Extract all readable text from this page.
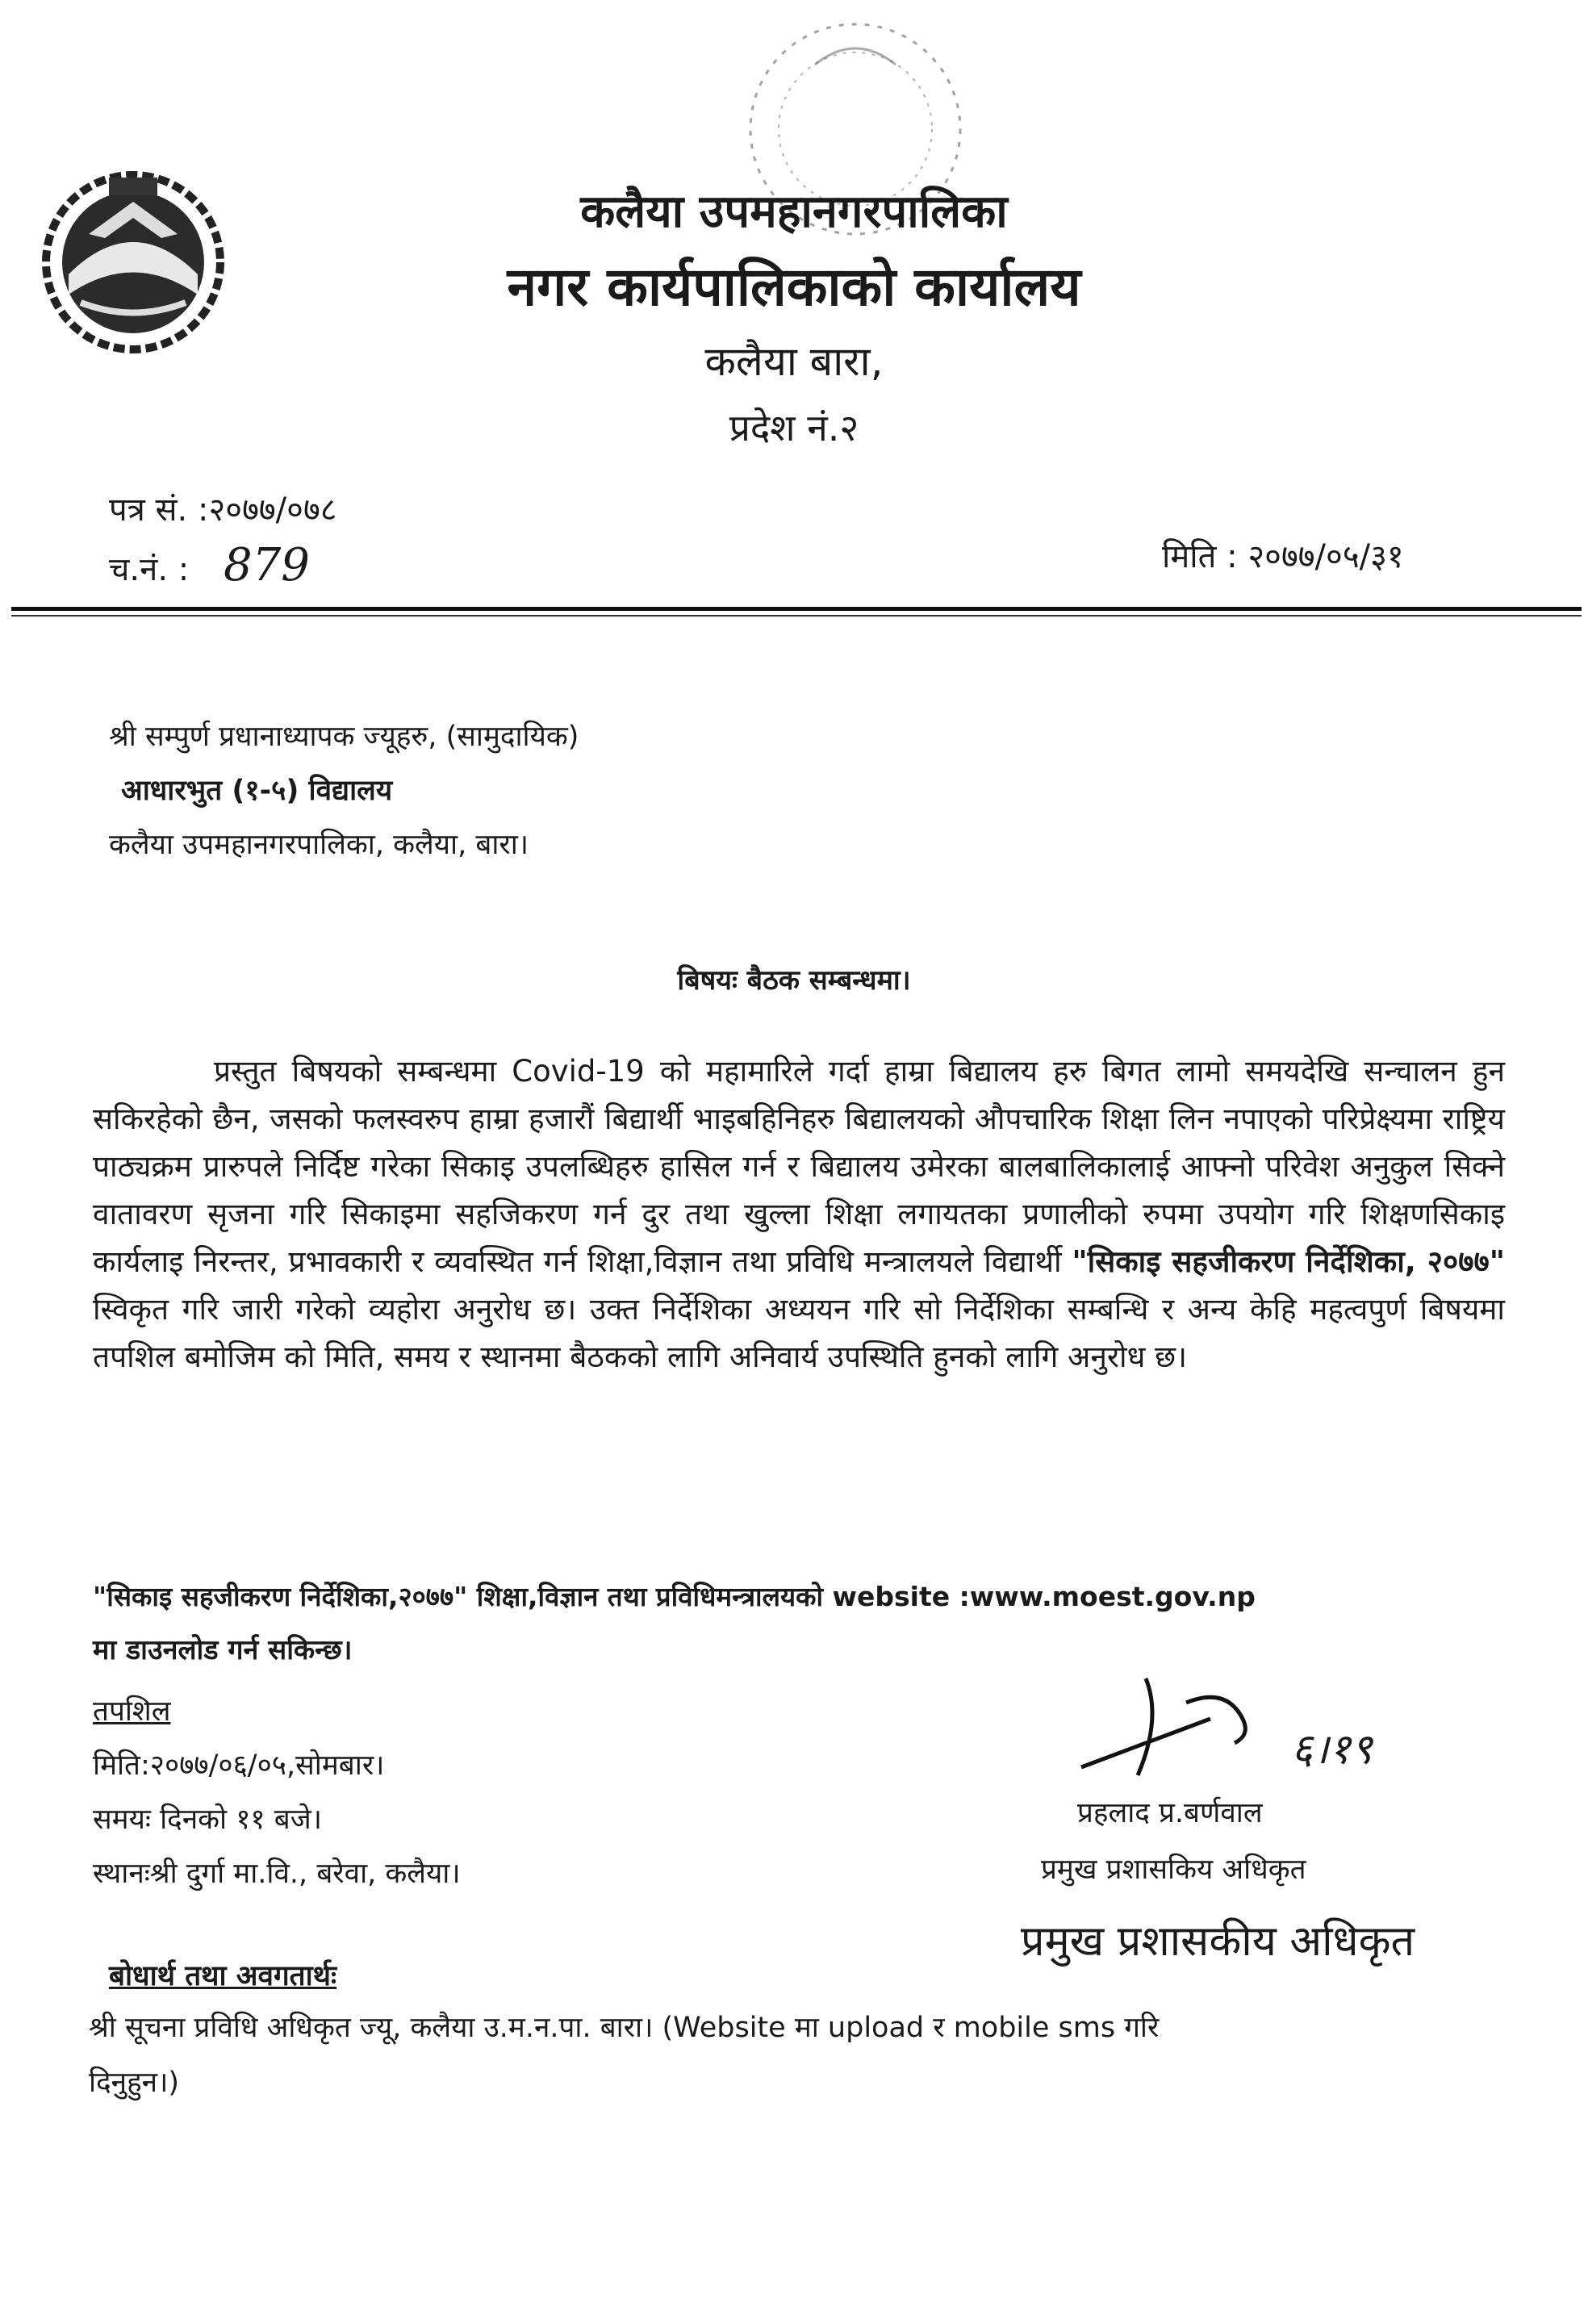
कलैया उपमहानगरपालिका
नगर कार्यपालिकाको कार्यालय
कलैया बारा,
प्रदेश नं.२
पत्र सं. :२०७७/०७८
च.नं. : 879	मिति : २०७७/०५/३१
श्री सम्पुर्ण प्रधानाध्यापक ज्यूहरु, (सामुदायिक)
आधारभुत (१-५) विद्यालय
कलैया उपमहानगरपालिका, कलैया, बारा।
बिषयः बैठक सम्बन्धमा।
प्रस्तुत बिषयको सम्बन्धमा Covid-19 को महामारिले गर्दा हाम्रा बिद्यालय हरु बिगत लामो समयदेखि सन्चालन हुन सकिरहेको छैन, जसको फलस्वरुप हाम्रा हजारौं बिद्यार्थी भाइबहिनिहरु बिद्यालयको औपचारिक शिक्षा लिन नपाएको परिप्रेक्ष्यमा राष्ट्रिय पाठ्यक्रम प्रारुपले निर्दिष्ट गरेका सिकाइ उपलब्धिहरु हासिल गर्न र बिद्यालय उमेरका बालबालिकालाई आफ्नो परिवेश अनुकुल सिक्ने वातावरण सृजना गरि सिकाइमा सहजिकरण गर्न दुर तथा खुल्ला शिक्षा लगायतका प्रणालीको रुपमा उपयोग गरि शिक्षणसिकाइ कार्यलाइ निरन्तर, प्रभावकारी र व्यवस्थित गर्न शिक्षा,विज्ञान तथा प्रविधि मन्त्रालयले विद्यार्थी "सिकाइ सहजीकरण निर्देशिका, २०७७" स्विकृत गरि जारी गरेको व्यहोरा अनुरोध छ। उक्त निर्देशिका अध्ययन गरि सो निर्देशिका सम्बन्धि र अन्य केहि महत्वपुर्ण बिषयमा तपशिल बमोजिम को मिति, समय र स्थानमा बैठकको लागि अनिवार्य उपस्थिति हुनको लागि अनुरोध छ।
"सिकाइ सहजीकरण निर्देशिका,२०७७" शिक्षा,विज्ञान तथा प्रविधिमन्त्रालयको website :www.moest.gov.np
मा डाउनलोड गर्न सकिन्छ।
तपशिल
मिति:२०७७/०६/०५,सोमबार।
समयः दिनको ११ बजे।
स्थानःश्री दुर्गा मा.वि., बरेवा, कलैया।
६।१९
प्रहलाद प्र.बर्णवाल
प्रमुख प्रशासकिय अधिकृत
प्रमुख प्रशासकीय अधिकृत
बोधार्थ तथा अवगतार्थः
श्री सूचना प्रविधि अधिकृत ज्यू, कलैया उ.म.न.पा. बारा। (Website मा upload र mobile sms गरि
दिनुहुन।)
